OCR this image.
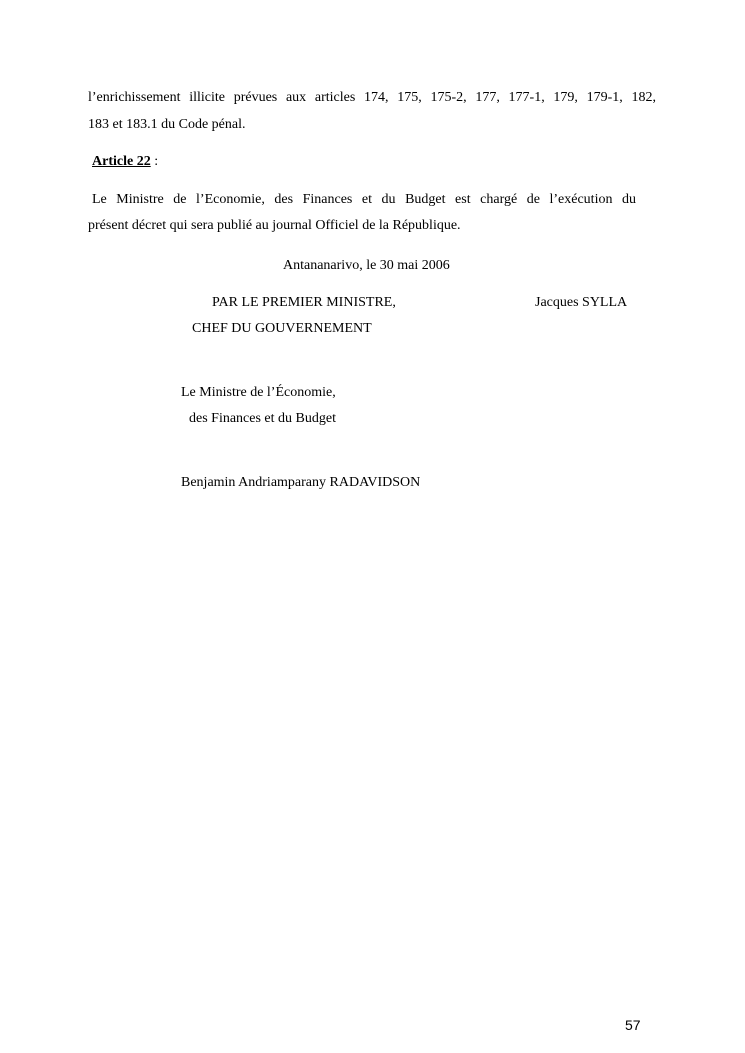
l’enrichissement illicite prévues aux articles 174, 175, 175-2, 177, 177-1, 179, 179-1, 182,
183 et 183.1 du Code pénal.
Article 22 :
Le Ministre de l’Economie, des Finances et du Budget est chargé de l’exécution du
présent décret qui sera publié au journal Officiel de la République.
Antananarivo, le 30 mai 2006
PAR LE PREMIER MINISTRE,	Jacques SYLLA
CHEF DU GOUVERNEMENT
Le Ministre de l’Économie,
des Finances et du Budget
Benjamin Andriamparany RADAVIDSON
57
